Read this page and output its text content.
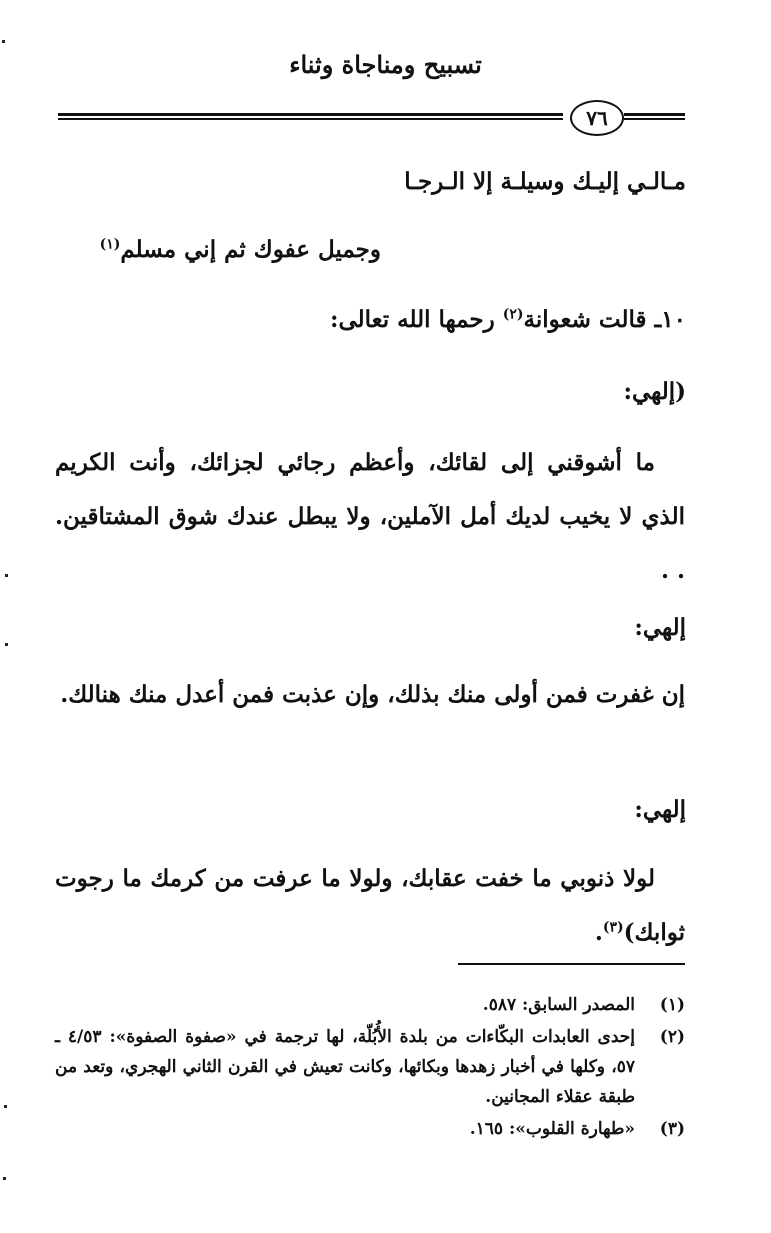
تسبيح ومناجاة وثناء
٧٦
مـالـي إليـك وسيلـة إلا الـرجـا
وجميل عفوك ثم إني مسلم$^{(١)}$
١٠ـ قالت شعوانة$^{(٢)}$ رحمها الله تعالى:
(إلهي:
ما أشوقني إلى لقائك، وأعظم رجائي لجزائك، وأنت الكريم الذي لا يخيب لديك أمل الآملين، ولا يبطل عندك شوق المشتاقين. . .
إلهي:
إن غفرت فمن أولى منك بذلك، وإن عذبت فمن أعدل منك هنالك.
إلهي:
لولا ذنوبي ما خفت عقابك، ولولا ما عرفت من كرمك ما رجوت ثوابك)$^{(٣)}$.
(١)
المصدر السابق: ٥٨٧.
(٢)
إحدى العابدات البكّاءات من بلدة الأُبُلّة، لها ترجمة في «صفوة الصفوة»: ٤/٥٣ ـ ٥٧، وكلها في أخبار زهدها وبكائها، وكانت تعيش في القرن الثاني الهجري، وتعد من طبقة عقلاء المجانين.
(٣)
«طهارة القلوب»: ١٦٥.
